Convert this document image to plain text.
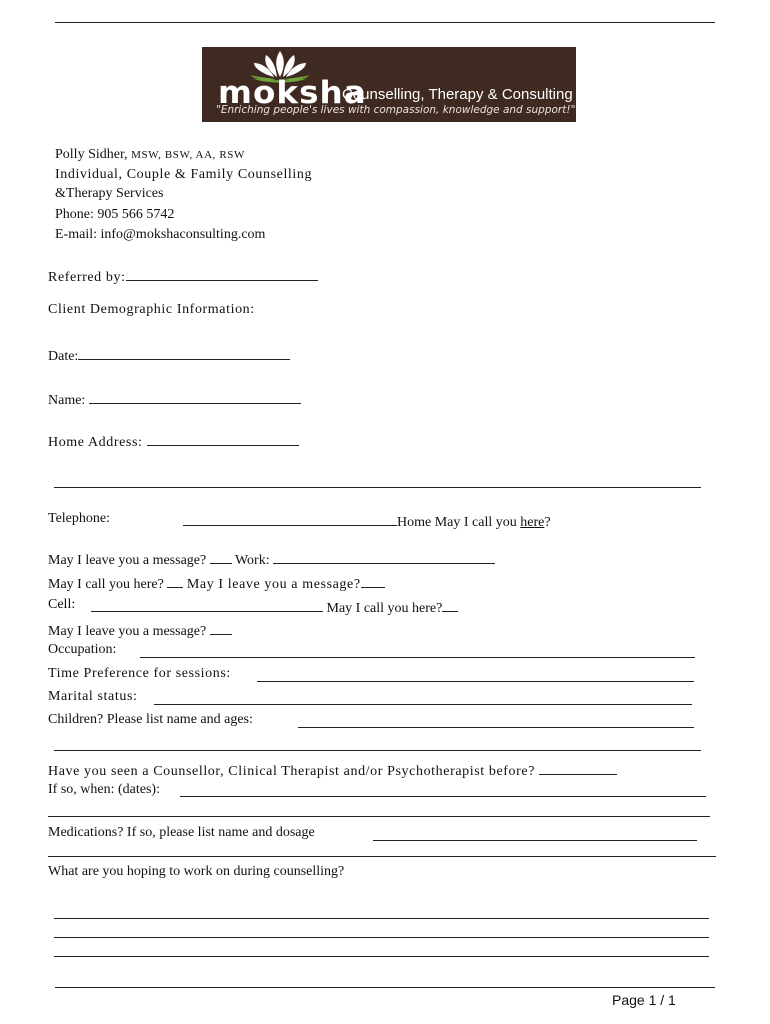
moksha
Counselling, Therapy & Consulting
"Enriching people's lives with compassion, knowledge and support!"
Polly Sidher, MSW, BSW, AA, RSW
Individual, Couple & Family Counselling
&Therapy Services
Phone: 905 566 5742
E-mail: info@mokshaconsulting.com
Referred by:
Client Demographic Information:
Date:
Name:
Home Address:
Telephone:	Home May I call you here?
May I leave you a message? Work:
May I call you here? May I leave you a message?
Cell:	May I call you here?
May I leave you a message?
Occupation:
Time Preference for sessions:
Marital status:
Children? Please list name and ages:
Have you seen a Counsellor, Clinical Therapist and/or Psychotherapist before?
If so, when: (dates):
Medications? If so, please list name and dosage
What are you hoping to work on during counselling?
Page 1 / 1
